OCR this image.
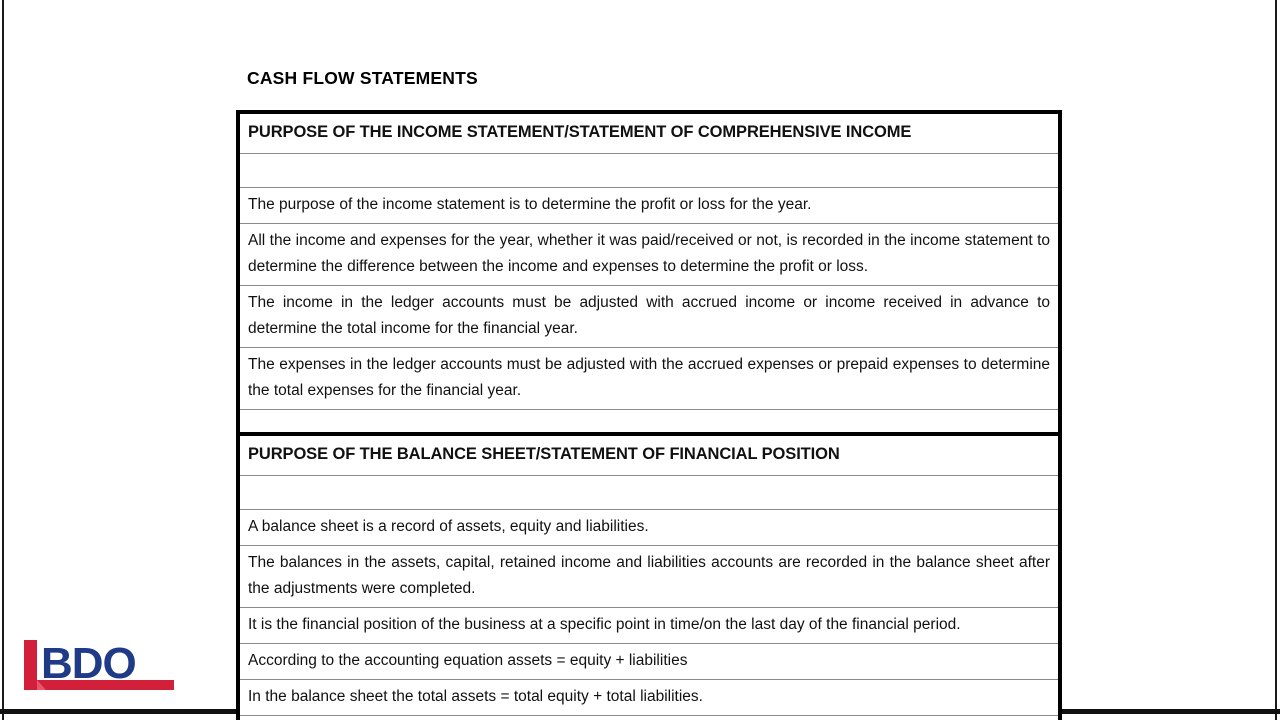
CASH FLOW STATEMENTS
PURPOSE OF THE INCOME STATEMENT/STATEMENT OF COMPREHENSIVE INCOME

The purpose of the income statement is to determine the profit or loss for the year.
All the income and expenses for the year, whether it was paid/received or not, is recorded in the income statement to determine the difference between the income and expenses to determine the profit or loss.
The income in the ledger accounts must be adjusted with accrued income or income received in advance to determine the total income for the financial year.
The expenses in the ledger accounts must be adjusted with the accrued expenses or prepaid expenses to determine the total expenses for the financial year.

PURPOSE OF THE BALANCE SHEET/STATEMENT OF FINANCIAL POSITION

A balance sheet is a record of assets, equity and liabilities.
The balances in the assets, capital, retained income and liabilities accounts are recorded in the balance sheet after the adjustments were completed.
It is the financial position of the business at a specific point in time/on the last day of the financial period.
According to the accounting equation assets = equity + liabilities
In the balance sheet the total assets = total equity + total liabilities.

BDO
